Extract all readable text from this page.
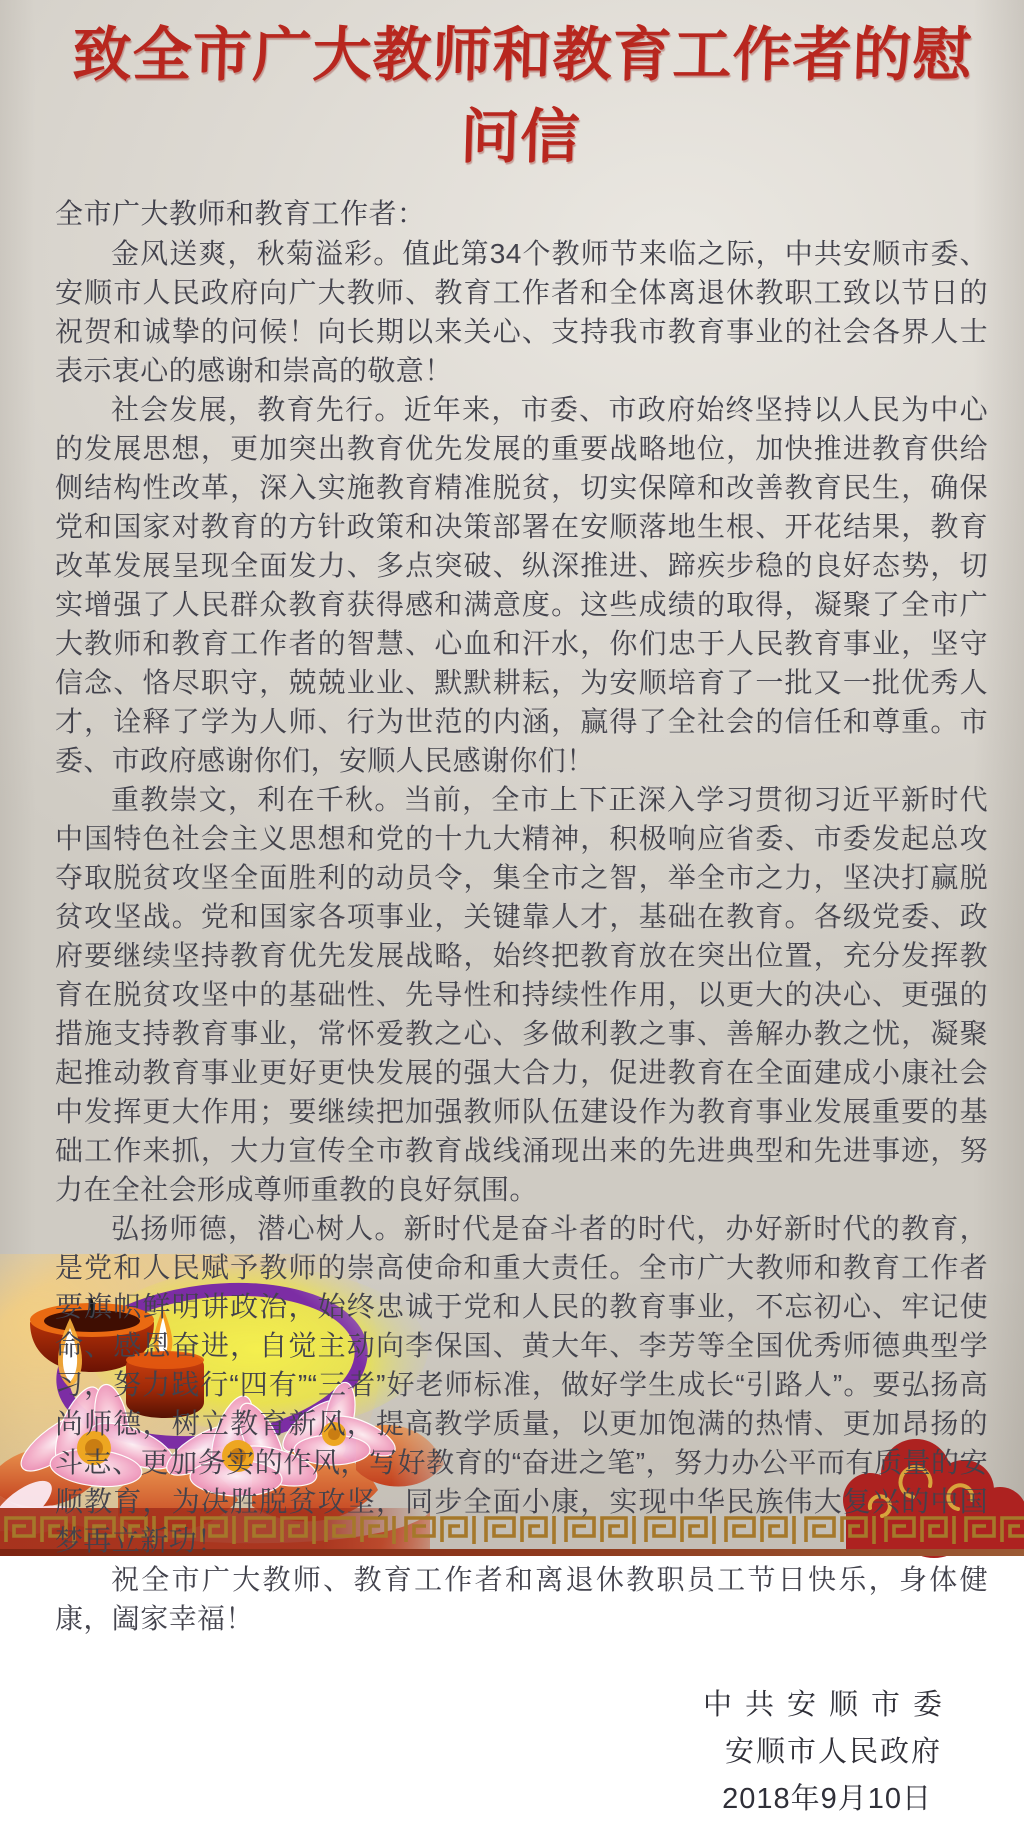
致全市广大教师和教育工作者的慰问信

全市广大教师和教育工作者：

金风送爽，秋菊溢彩。值此第34个教师节来临之际，中共安顺市委、安顺市人民政府向广大教师、教育工作者和全体离退休教职工致以节日的祝贺和诚挚的问候！向长期以来关心、支持我市教育事业的社会各界人士表示衷心的感谢和崇高的敬意！

社会发展，教育先行。近年来，市委、市政府始终坚持以人民为中心的发展思想，更加突出教育优先发展的重要战略地位，加快推进教育供给侧结构性改革，深入实施教育精准脱贫，切实保障和改善教育民生，确保党和国家对教育的方针政策和决策部署在安顺落地生根、开花结果，教育改革发展呈现全面发力、多点突破、纵深推进、蹄疾步稳的良好态势，切实增强了人民群众教育获得感和满意度。这些成绩的取得，凝聚了全市广大教师和教育工作者的智慧、心血和汗水，你们忠于人民教育事业，坚守信念、恪尽职守，兢兢业业、默默耕耘，为安顺培育了一批又一批优秀人才，诠释了学为人师、行为世范的内涵，赢得了全社会的信任和尊重。市委、市政府感谢你们，安顺人民感谢你们！

重教崇文，利在千秋。当前，全市上下正深入学习贯彻习近平新时代中国特色社会主义思想和党的十九大精神，积极响应省委、市委发起总攻夺取脱贫攻坚全面胜利的动员令，集全市之智，举全市之力，坚决打赢脱贫攻坚战。党和国家各项事业，关键靠人才，基础在教育。各级党委、政府要继续坚持教育优先发展战略，始终把教育放在突出位置，充分发挥教育在脱贫攻坚中的基础性、先导性和持续性作用，以更大的决心、更强的措施支持教育事业，常怀爱教之心、多做利教之事、善解办教之忧，凝聚起推动教育事业更好更快发展的强大合力，促进教育在全面建成小康社会中发挥更大作用；要继续把加强教师队伍建设作为教育事业发展重要的基础工作来抓，大力宣传全市教育战线涌现出来的先进典型和先进事迹，努力在全社会形成尊师重教的良好氛围。

弘扬师德，潜心树人。新时代是奋斗者的时代，办好新时代的教育，是党和人民赋予教师的崇高使命和重大责任。全市广大教师和教育工作者要旗帜鲜明讲政治，始终忠诚于党和人民的教育事业，不忘初心、牢记使命、感恩奋进，自觉主动向李保国、黄大年、李芳等全国优秀师德典型学习，努力践行“四有”“三者”好老师标准，做好学生成长“引路人”。要弘扬高尚师德，树立教育新风，提高教学质量，以更加饱满的热情、更加昂扬的斗志、更加务实的作风，写好教育的“奋进之笔”，努力办公平而有质量的安顺教育，为决胜脱贫攻坚，同步全面小康，实现中华民族伟大复兴的中国梦再立新功！

祝全市广大教师、教育工作者和离退休教职员工节日快乐，身体健康，阖家幸福！

中共安顺市委
安顺市人民政府
2018年9月10日
